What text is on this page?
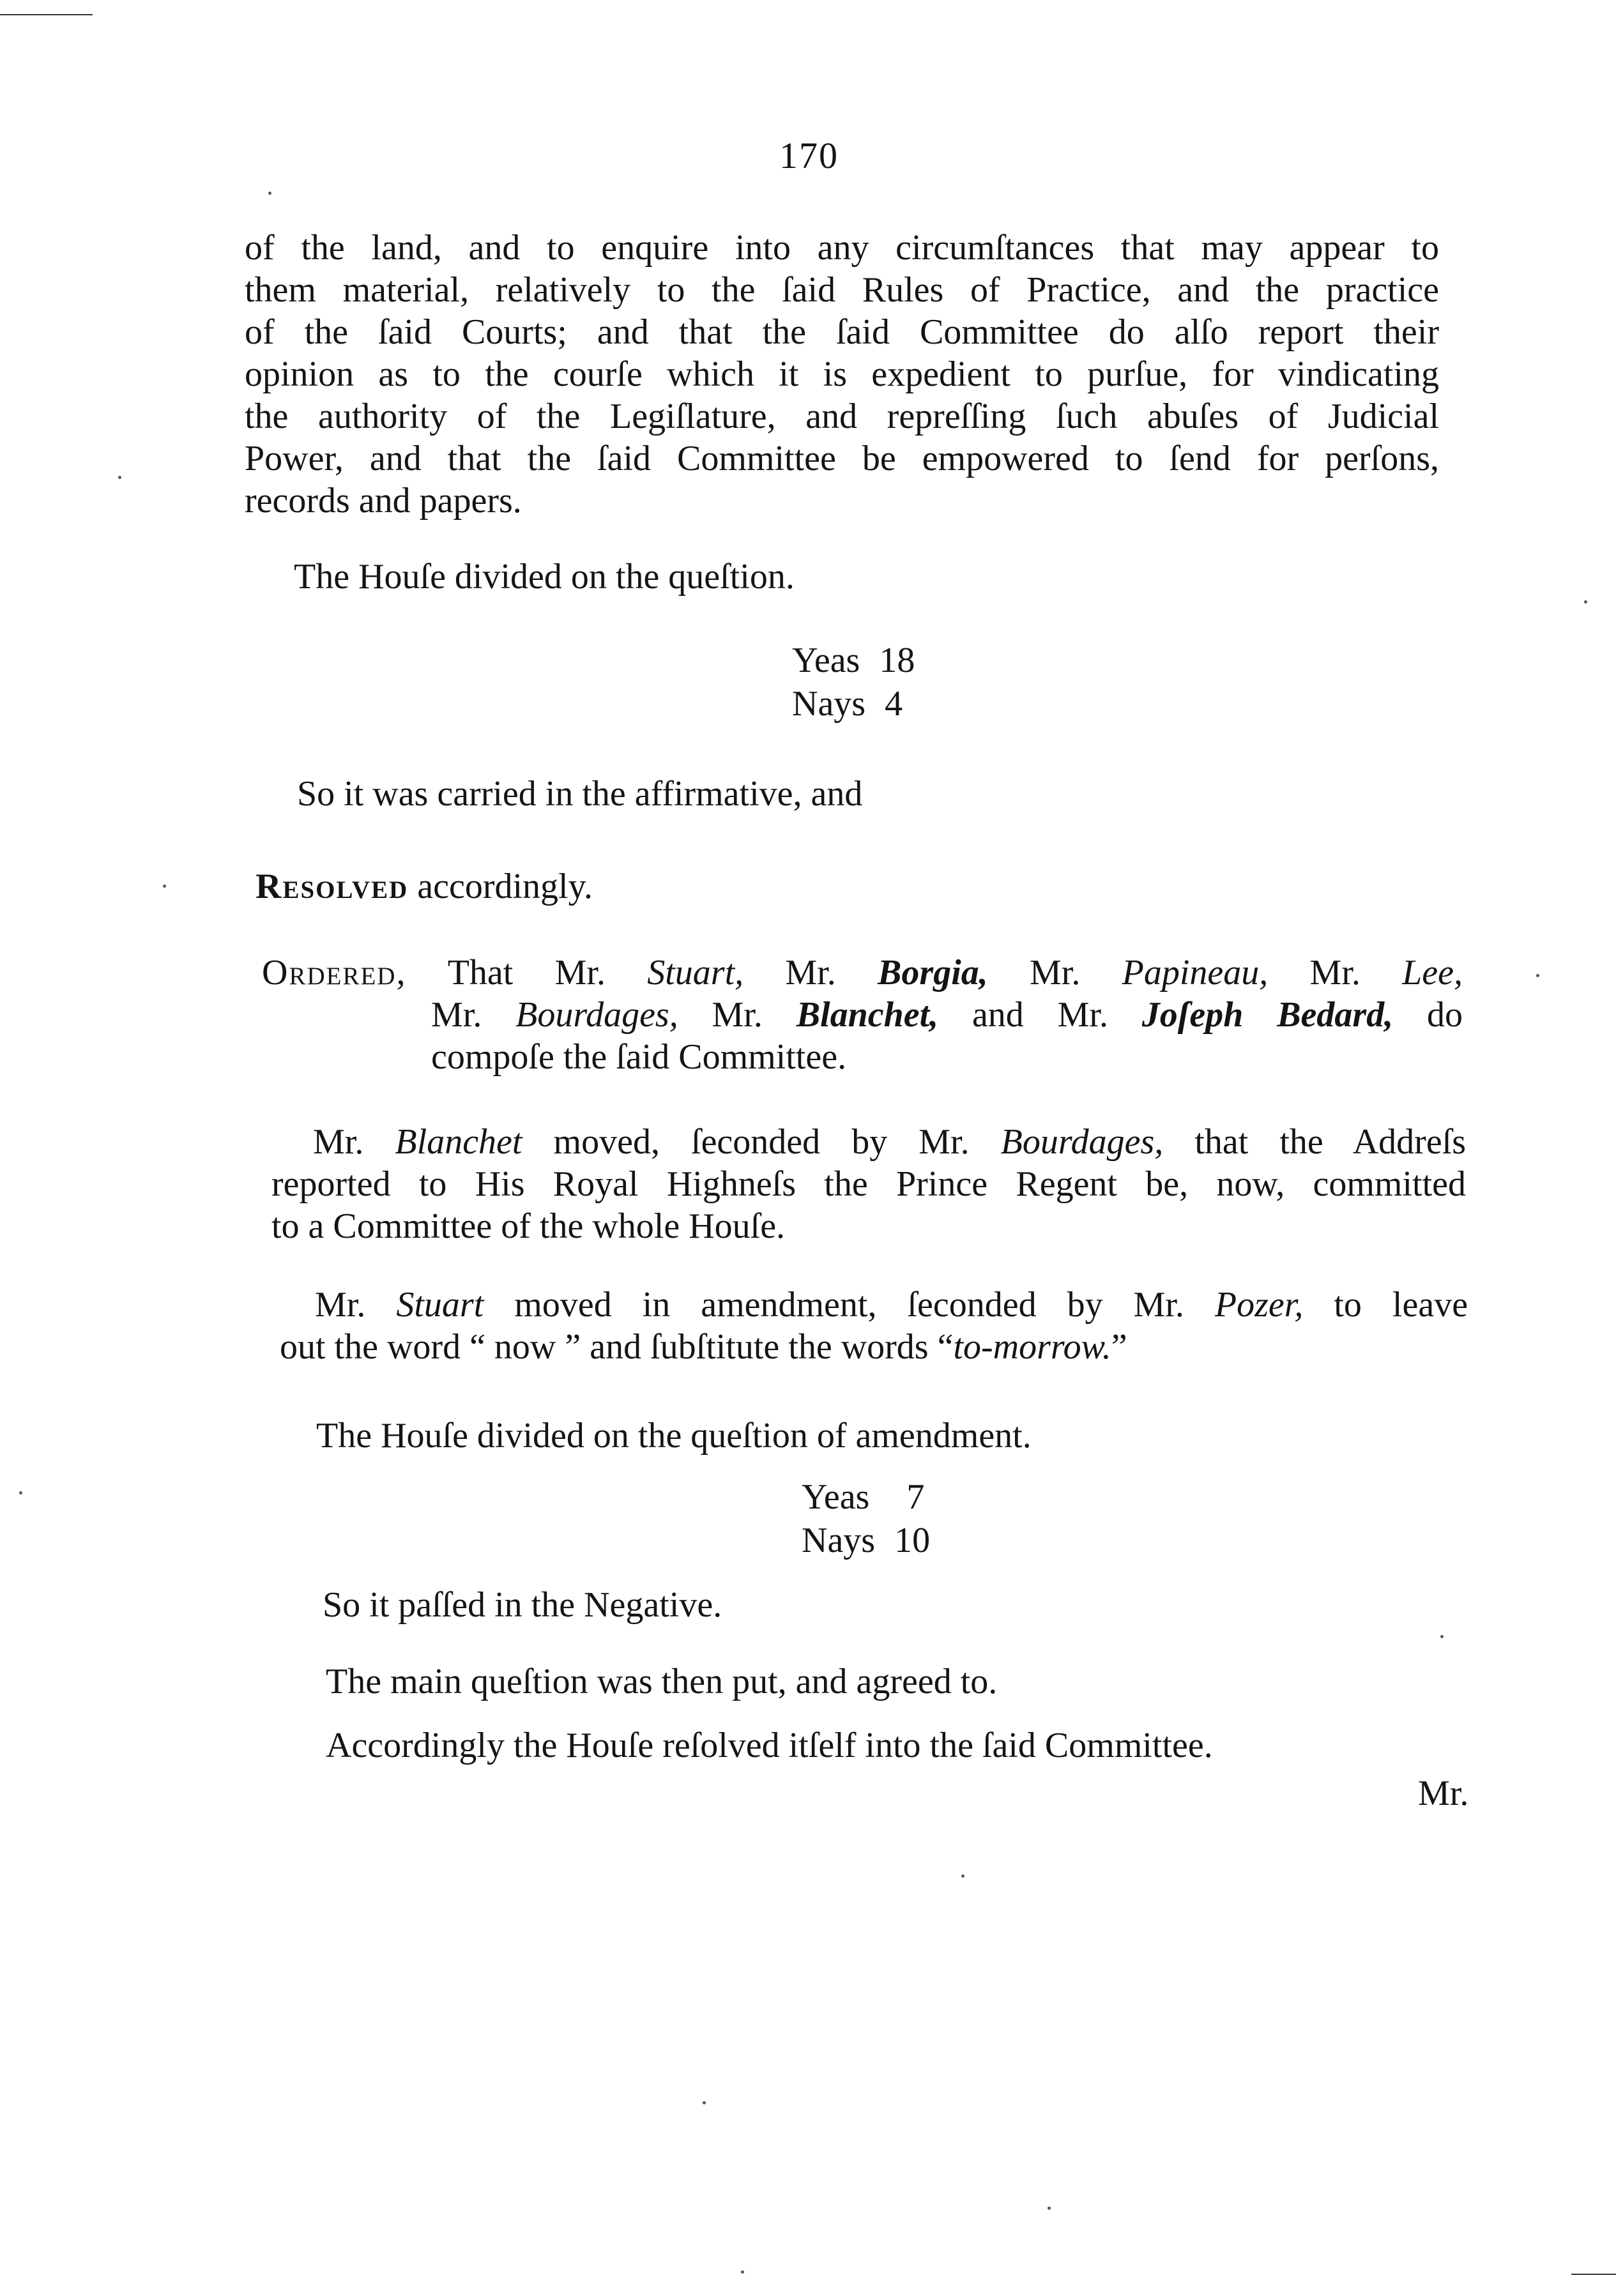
170
of the land, and to enquire into any circumſtances that may appear to
them material, relatively to the ſaid Rules of Practice, and the practice
of the ſaid Courts; and that the ſaid Committee do alſo report their
opinion as to the courſe which it is expedient to purſue, for vindicating
the authority of the Legiſlature, and repreſſing ſuch abuſes of Judicial
Power, and that the ſaid Committee be empowered to ſend for perſons,
records and papers.
The Houſe divided on the queſtion.
Yeas 18
Nays 4
So it was carried in the affirmative, and
Resolved accordingly.
Ordered, That Mr. Stuart, Mr. Borgia, Mr. Papineau, Mr. Lee,
Mr. Bourdages, Mr. Blanchet, and Mr. Joſeph Bedard, do
compoſe the ſaid Committee.
Mr. Blanchet moved, ſeconded by Mr. Bourdages, that the Addreſs
reported to His Royal Highneſs the Prince Regent be, now, committed
to a Committee of the whole Houſe.
Mr. Stuart moved in amendment, ſeconded by Mr. Pozer, to leave
out the word “ now ” and ſubſtitute the words “to-morrow.”
The Houſe divided on the queſtion of amendment.
Yeas 7
Nays 10
So it paſſed in the Negative.
The main queſtion was then put, and agreed to.
Accordingly the Houſe reſolved itſelf into the ſaid Committee.
Mr.
